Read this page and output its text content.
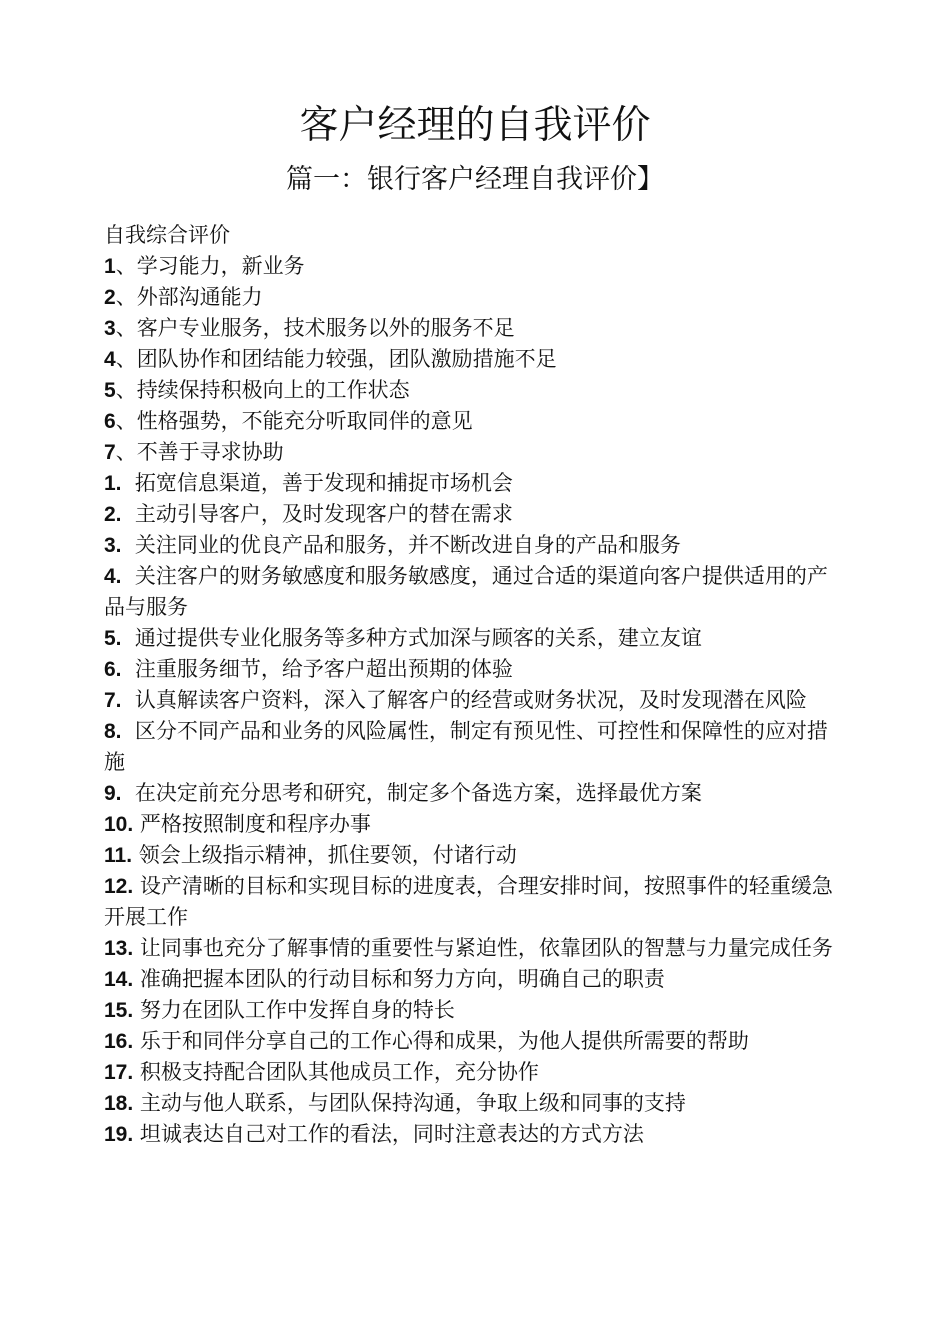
客户经理的自我评价
篇一：银行客户经理自我评价】

自我综合评价

1、学习能力，新业务
2、外部沟通能力
3、客户专业服务，技术服务以外的服务不足
4、团队协作和团结能力较强，团队激励措施不足
5、持续保持积极向上的工作状态
6、性格强势，不能充分听取同伴的意见
7、不善于寻求协助
1. 拓宽信息渠道，善于发现和捕捉市场机会
2. 主动引导客户，及时发现客户的替在需求
3. 关注同业的优良产品和服务，并不断改进自身的产品和服务
4. 关注客户的财务敏感度和服务敏感度，通过合适的渠道向客户提供适用的产品与服务
5. 通过提供专业化服务等多种方式加深与顾客的关系，建立友谊
6. 注重服务细节，给予客户超出预期的体验
7. 认真解读客户资料，深入了解客户的经营或财务状况，及时发现潜在风险
8. 区分不同产品和业务的风险属性，制定有预见性、可控性和保障性的应对措施
9. 在决定前充分思考和研究，制定多个备选方案，选择最优方案
10. 严格按照制度和程序办事
11. 领会上级指示精神，抓住要领，付诸行动
12. 设产清晰的目标和实现目标的进度表，合理安排时间，按照事件的轻重缓急开展工作
13. 让同事也充分了解事情的重要性与紧迫性，依靠团队的智慧与力量完成任务
14. 准确把握本团队的行动目标和努力方向，明确自己的职责
15. 努力在团队工作中发挥自身的特长
16. 乐于和同伴分享自己的工作心得和成果，为他人提供所需要的帮助
17. 积极支持配合团队其他成员工作，充分协作
18. 主动与他人联系，与团队保持沟通，争取上级和同事的支持
19. 坦诚表达自己对工作的看法，同时注意表达的方式方法
